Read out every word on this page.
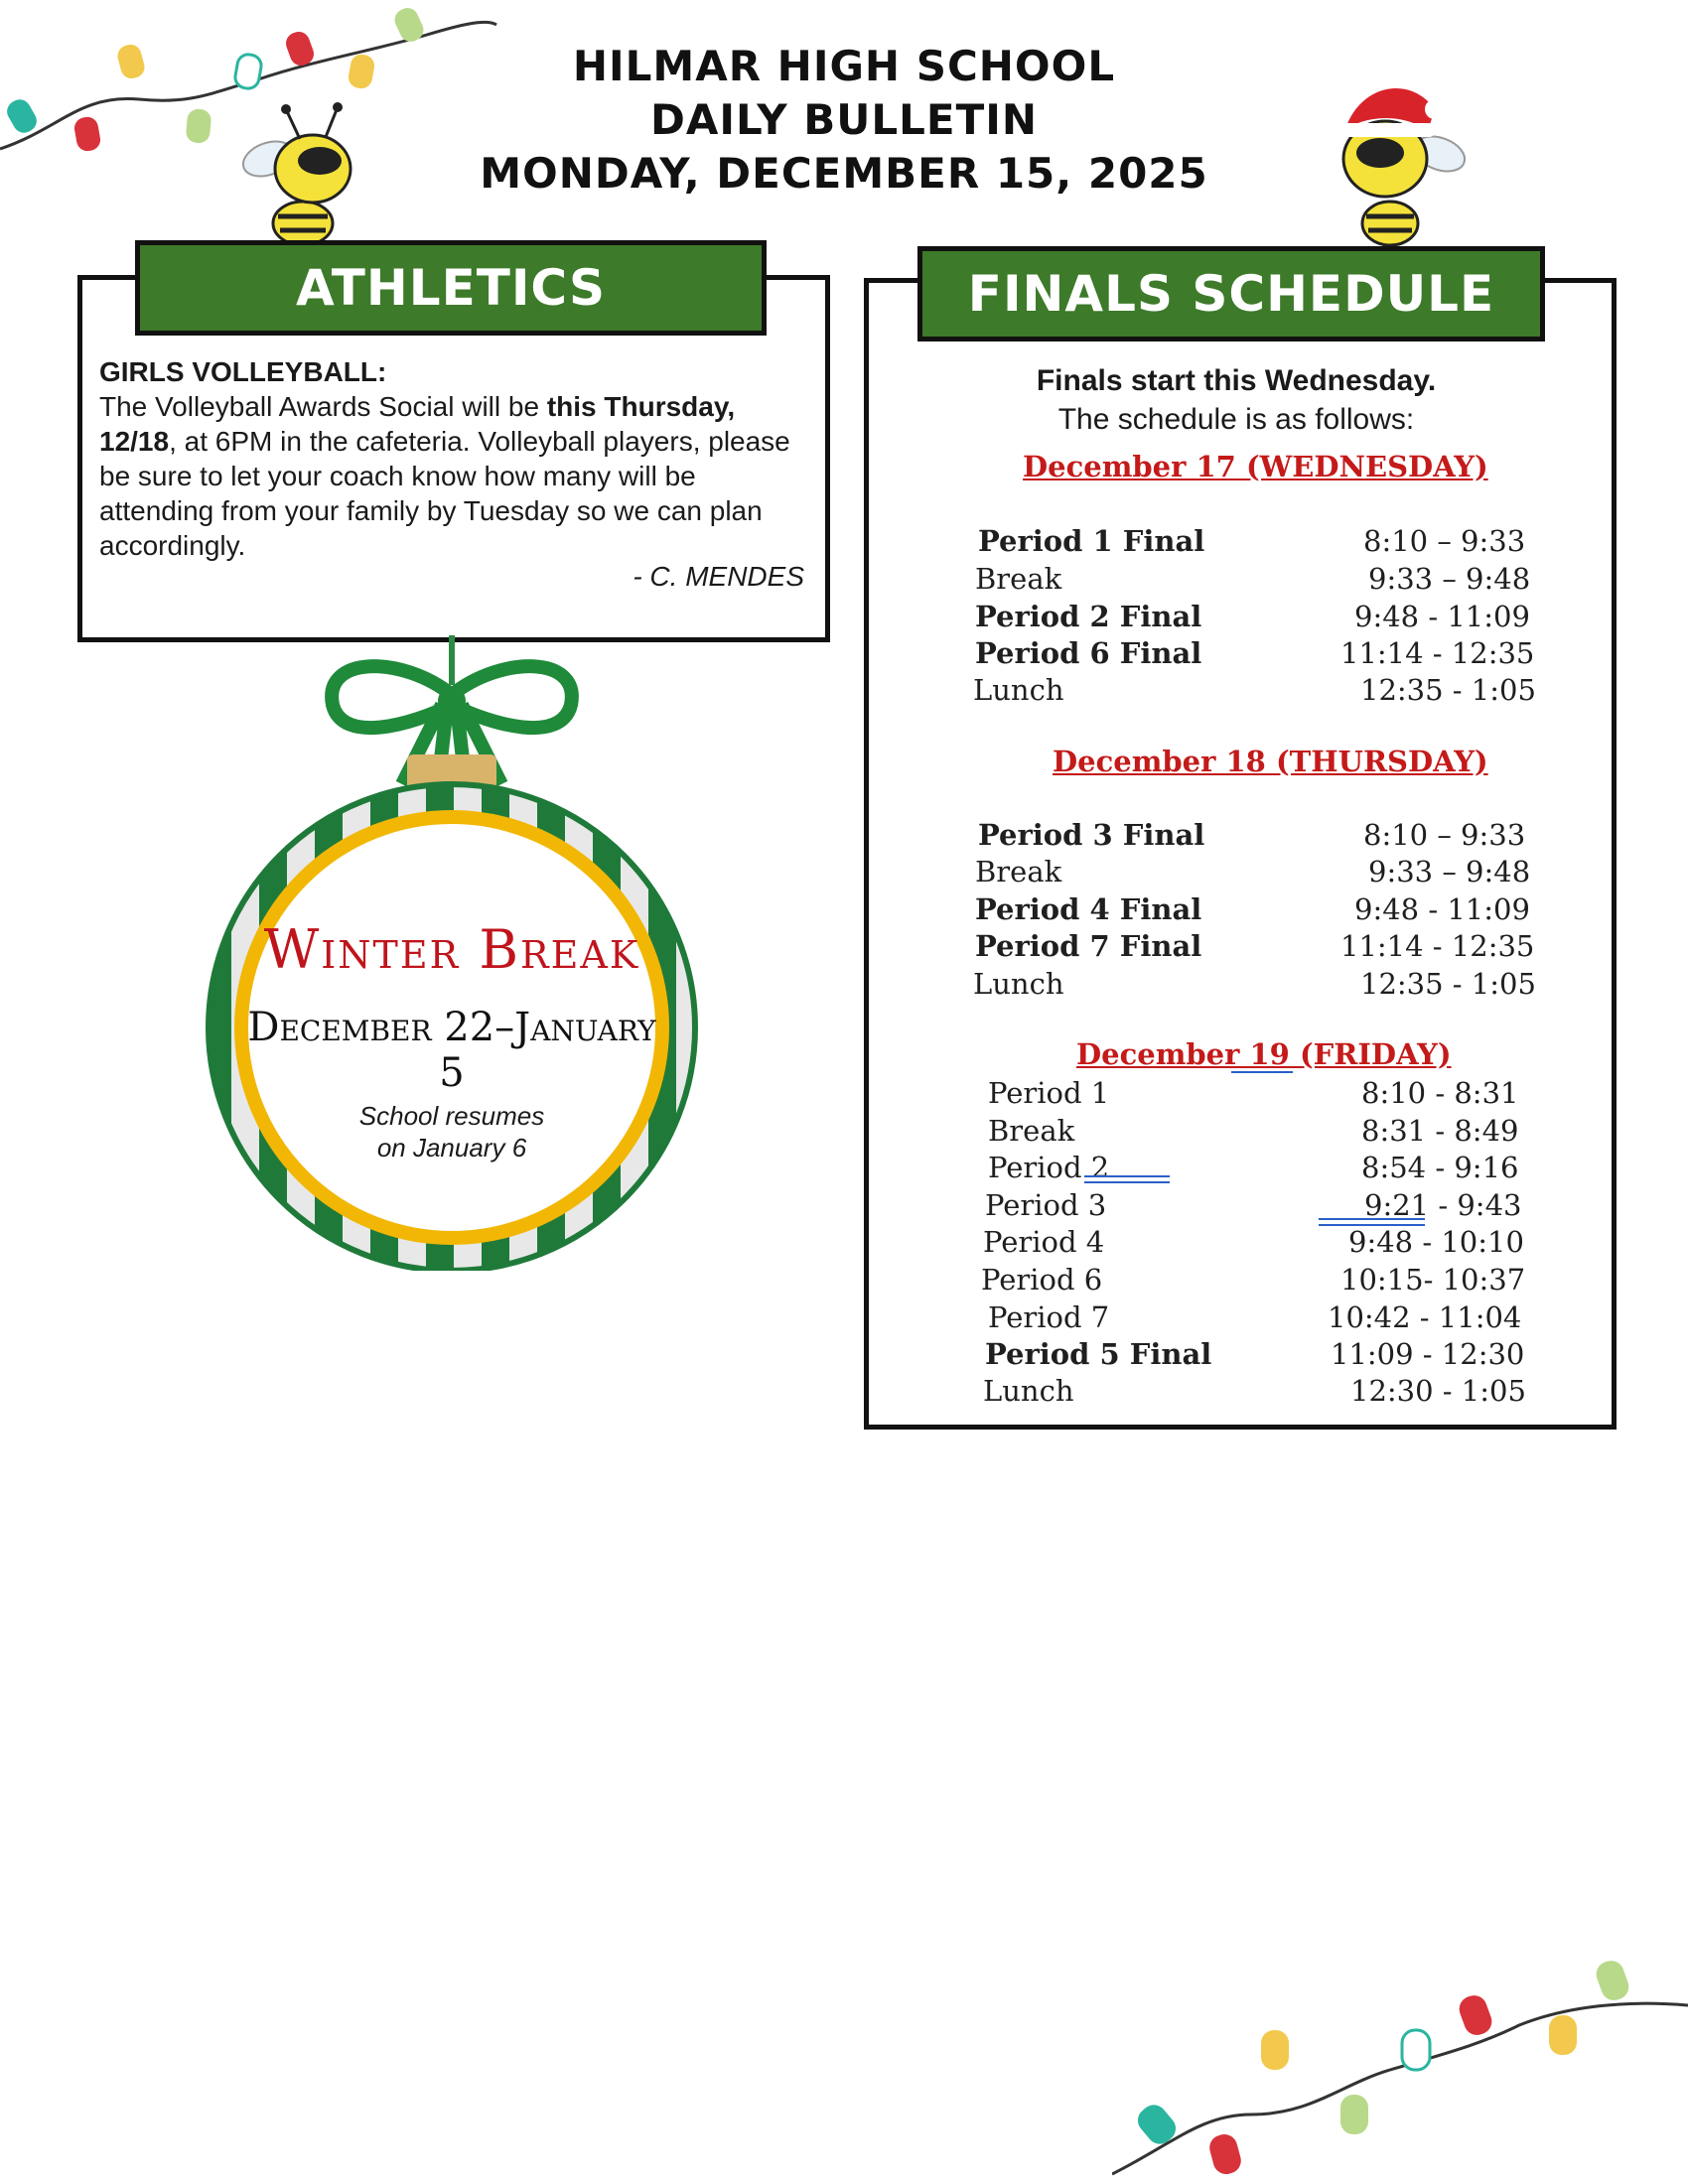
HILMAR HIGH SCHOOL
DAILY BULLETIN
MONDAY, DECEMBER 15, 2025
ATHLETICS
GIRLS VOLLEYBALL:
The Volleyball Awards Social will be this Thursday, 12/18, at 6PM in the cafeteria. Volleyball players, please be sure to let your coach know how many will be attending from your family by Tuesday so we can plan accordingly.
- C. MENDES
Winter Break
December 22–January 5
School resumes
on January 6
FINALS SCHEDULE
Finals start this Wednesday.
The schedule is as follows:
December 17 (WEDNESDAY)
Period 1 Final	8:10 – 9:33
Break	9:33 – 9:48
Period 2 Final	9:48 - 11:09
Period 6 Final	11:14 - 12:35
Lunch	12:35 - 1:05
December 18 (THURSDAY)
Period 3 Final	8:10 – 9:33
Break	9:33 – 9:48
Period 4 Final	9:48 - 11:09
Period 7 Final	11:14 - 12:35
Lunch	12:35 - 1:05
December 19 (FRIDAY)
Period 1	8:10 - 8:31
Break	8:31 - 8:49
Period 2	8:54 - 9:16
Period 3	9:21 - 9:43
Period 4	9:48 - 10:10
Period 6	10:15- 10:37
Period 7	10:42 - 11:04
Period 5 Final	11:09 - 12:30
Lunch	12:30 - 1:05
